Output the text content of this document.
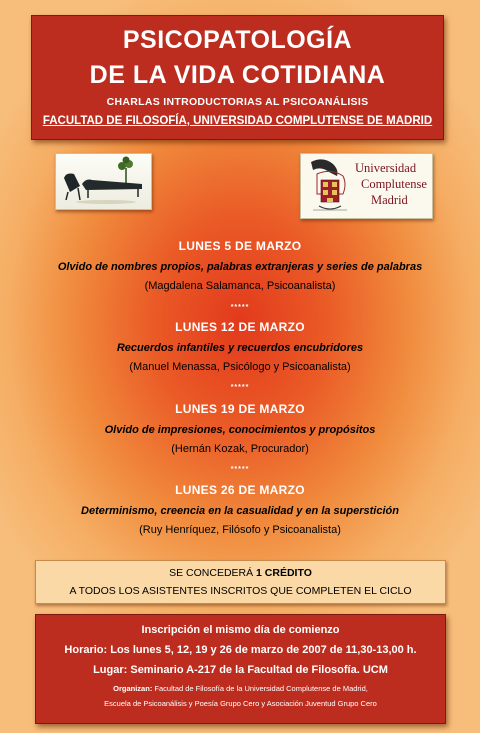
PSICOPATOLOGÍA
DE LA VIDA COTIDIANA
CHARLAS INTRODUCTORIAS AL PSICOANÁLISIS
FACULTAD DE FILOSOFÍA, UNIVERSIDAD COMPLUTENSE DE MADRID
Universidad
Complutense
Madrid
LUNES 5 DE MARZO
Olvido de nombres propios, palabras extranjeras y series de palabras
(Magdalena Salamanca, Psicoanalista)
*****
LUNES 12 DE MARZO
Recuerdos infantiles y recuerdos encubridores
(Manuel Menassa, Psicólogo y Psicoanalista)
*****
LUNES 19 DE MARZO
Olvido de impresiones, conocimientos y propósitos
(Hernán Kozak, Procurador)
*****
LUNES 26 DE MARZO
Determinismo, creencia en la casualidad y en la superstición
(Ruy Henríquez, Filósofo y Psicoanalista)
SE CONCEDERÁ 1 CRÉDITO
A TODOS LOS ASISTENTES INSCRITOS QUE COMPLETEN EL CICLO
Inscripción el mismo día de comienzo
Horario: Los lunes 5, 12, 19 y 26 de marzo de 2007 de 11,30-13,00 h.
Lugar: Seminario A-217 de la Facultad de Filosofía. UCM
Organizan: Facultad de Filosofía de la Universidad Complutense de Madrid,
Escuela de Psicoanálisis y Poesía Grupo Cero y Asociación Juventud Grupo Cero
